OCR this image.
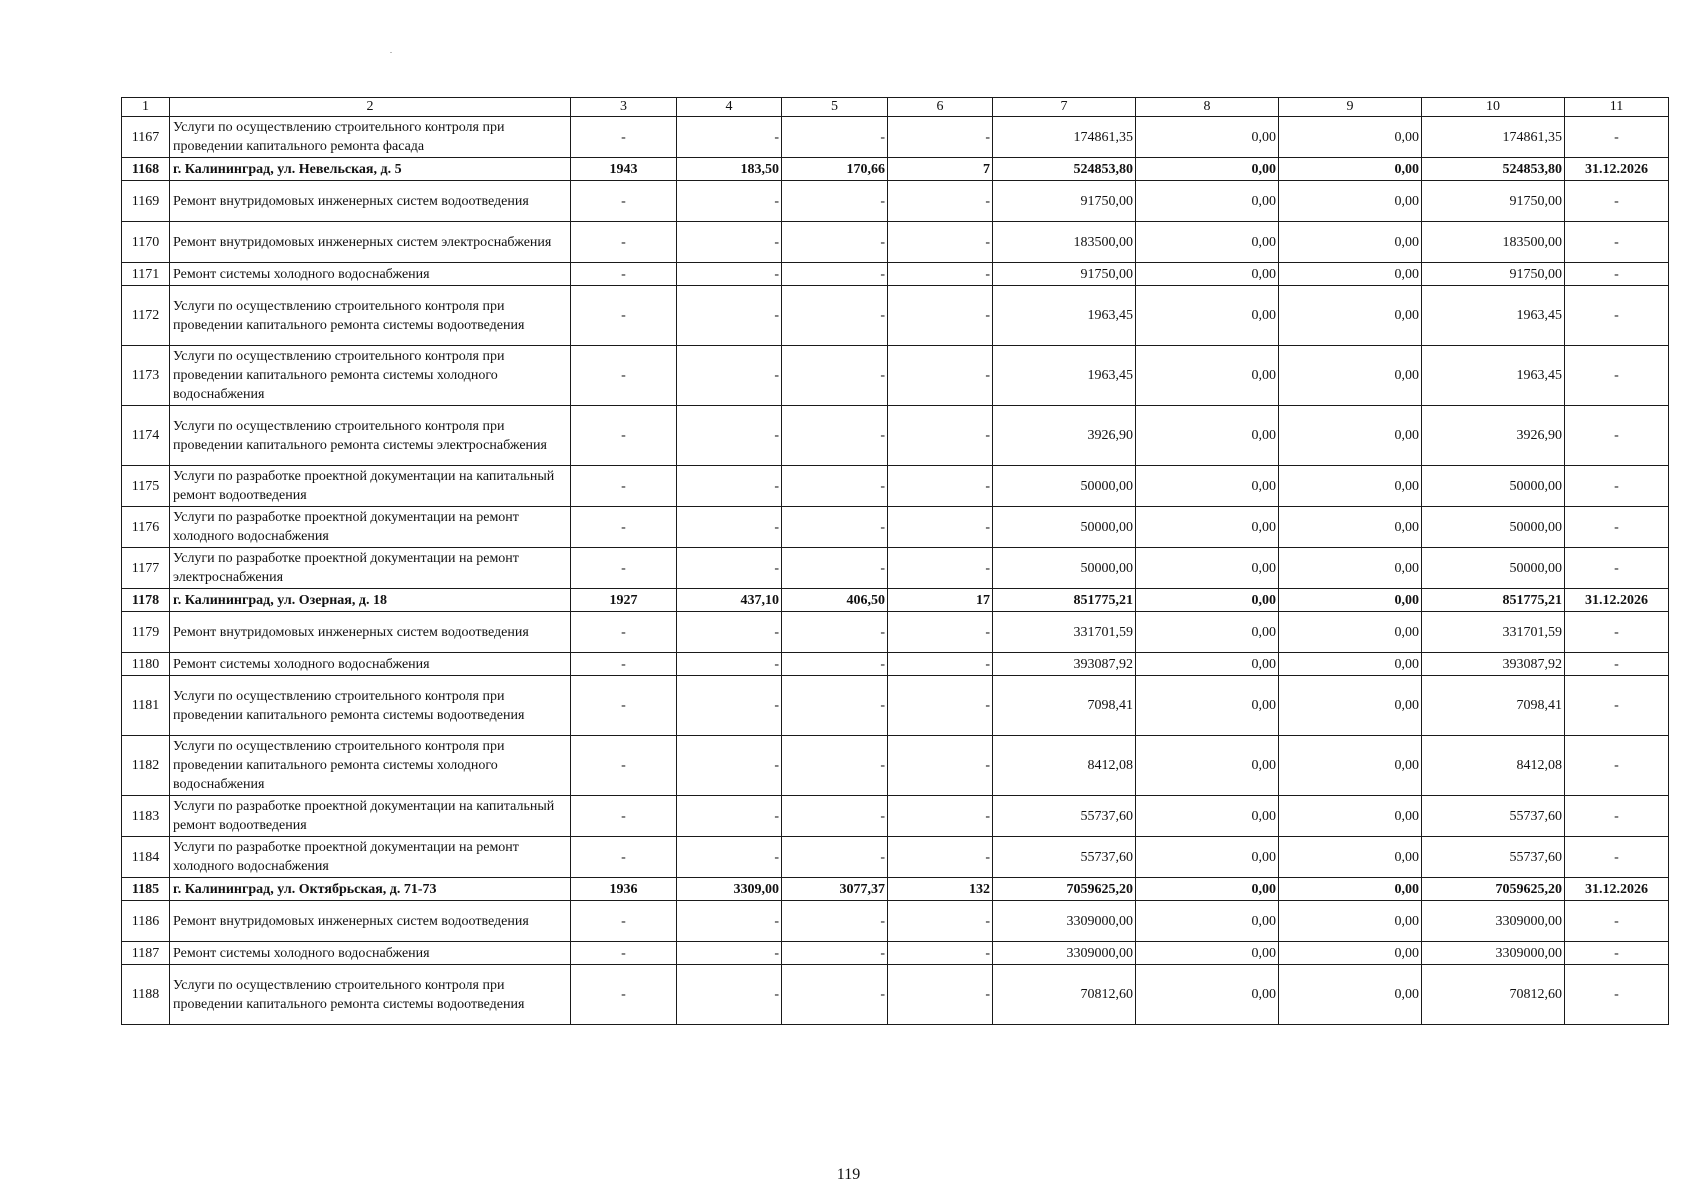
1	2	3	4	5	6	7	8	9	10	11
1167	Услуги по осуществлению строительного контроля при проведении капитального ремонта фасада	-	-	-	-	174861,35	0,00	0,00	174861,35	-
1168	г. Калининград, ул. Невельская, д. 5	1943	183,50	170,66	7	524853,80	0,00	0,00	524853,80	31.12.2026
1169	Ремонт внутридомовых инженерных систем водоотведения	-	-	-	-	91750,00	0,00	0,00	91750,00	-
1170	Ремонт внутридомовых инженерных систем электроснабжения	-	-	-	-	183500,00	0,00	0,00	183500,00	-
1171	Ремонт системы холодного водоснабжения	-	-	-	-	91750,00	0,00	0,00	91750,00	-
1172	Услуги по осуществлению строительного контроля при проведении капитального ремонта системы водоотведения	-	-	-	-	1963,45	0,00	0,00	1963,45	-
1173	Услуги по осуществлению строительного контроля при проведении капитального ремонта системы холодного водоснабжения	-	-	-	-	1963,45	0,00	0,00	1963,45	-
1174	Услуги по осуществлению строительного контроля при проведении капитального ремонта системы электроснабжения	-	-	-	-	3926,90	0,00	0,00	3926,90	-
1175	Услуги по разработке проектной документации на капитальный ремонт водоотведения	-	-	-	-	50000,00	0,00	0,00	50000,00	-
1176	Услуги по разработке проектной документации на ремонт холодного водоснабжения	-	-	-	-	50000,00	0,00	0,00	50000,00	-
1177	Услуги по разработке проектной документации на ремонт электроснабжения	-	-	-	-	50000,00	0,00	0,00	50000,00	-
1178	г. Калининград, ул. Озерная, д. 18	1927	437,10	406,50	17	851775,21	0,00	0,00	851775,21	31.12.2026
1179	Ремонт внутридомовых инженерных систем водоотведения	-	-	-	-	331701,59	0,00	0,00	331701,59	-
1180	Ремонт системы холодного водоснабжения	-	-	-	-	393087,92	0,00	0,00	393087,92	-
1181	Услуги по осуществлению строительного контроля при проведении капитального ремонта системы водоотведения	-	-	-	-	7098,41	0,00	0,00	7098,41	-
1182	Услуги по осуществлению строительного контроля при проведении капитального ремонта системы холодного водоснабжения	-	-	-	-	8412,08	0,00	0,00	8412,08	-
1183	Услуги по разработке проектной документации на капитальный ремонт водоотведения	-	-	-	-	55737,60	0,00	0,00	55737,60	-
1184	Услуги по разработке проектной документации на ремонт холодного водоснабжения	-	-	-	-	55737,60	0,00	0,00	55737,60	-
1185	г. Калининград, ул. Октябрьская, д. 71-73	1936	3309,00	3077,37	132	7059625,20	0,00	0,00	7059625,20	31.12.2026
1186	Ремонт внутридомовых инженерных систем водоотведения	-	-	-	-	3309000,00	0,00	0,00	3309000,00	-
1187	Ремонт системы холодного водоснабжения	-	-	-	-	3309000,00	0,00	0,00	3309000,00	-
1188	Услуги по осуществлению строительного контроля при проведении капитального ремонта системы водоотведения	-	-	-	-	70812,60	0,00	0,00	70812,60	-
119
